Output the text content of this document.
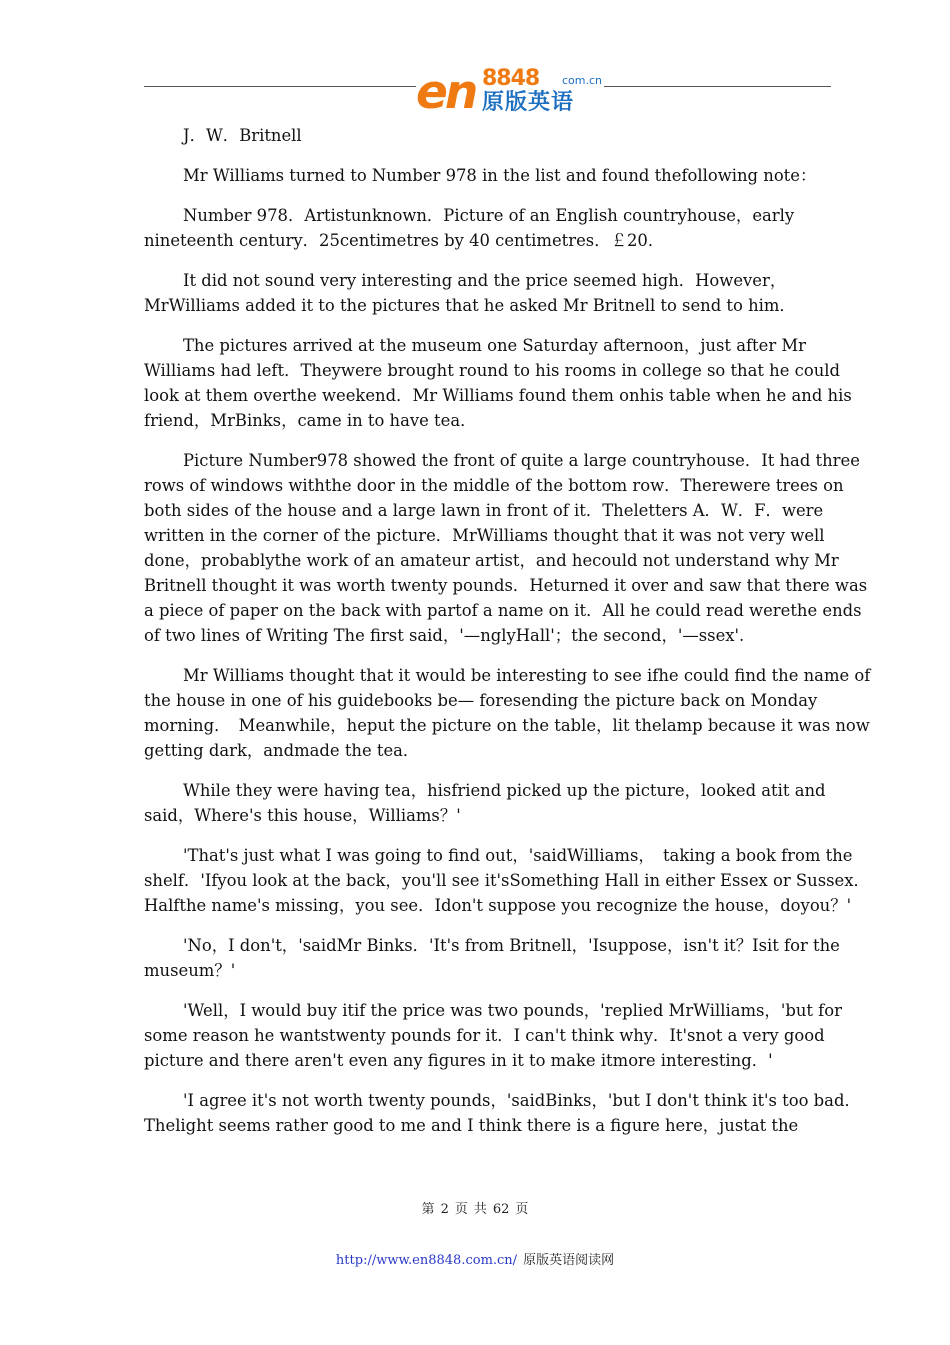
en 8848 com.cn
原版英语

J．W．Britnell

Mr Williams turned to Number 978 in the list and found thefollowing note：

Number 978．Artistunknown．Picture of an English countryhouse，early nineteenth century．25centimetres by 40 centimetres．￡20．

It did not sound very interesting and the price seemed high．However，MrWilliams added it to the pictures that he asked Mr Britnell to send to him．

The pictures arrived at the museum one Saturday afternoon，just after Mr Williams had left．Theywere brought round to his rooms in college so that he could look at them overthe weekend．Mr Williams found them onhis table when he and his friend，MrBinks，came in to have tea．

Picture Number978 showed the front of quite a large countryhouse．It had three rows of windows withthe door in the middle of the bottom row．Therewere trees on both sides of the house and a large lawn in front of it．Theletters A．W．F．were written in the corner of the picture．MrWilliams thought that it was not very well done，probablythe work of an amateur artist，and hecould not understand why Mr Britnell thought it was worth twenty pounds．Heturned it over and saw that there was a piece of paper on the back with partof a name on it．All he could read werethe ends of two lines of Writing The first said，'—nglyHall'；the second，'—ssex'.

Mr Williams thought that it would be interesting to see ifhe could find the name of the house in one of his guidebooks be— foresending the picture back on Monday morning．　Meanwhile，heput the picture on the table，lit thelamp because it was now getting dark，andmade the tea．

While they were having tea，hisfriend picked up the picture，looked atit and said，Where's this house，Williams？'

'That's just what I was going to find out，'saidWilliams，　taking a book from the shelf．'Ifyou look at the back，you'll see it'sSomething Hall in either Essex or Sussex．Halfthe name's missing，you see．Idon't suppose you recognize the house，doyou？'

'No，I don't，'saidMr Binks．'It's from Britnell，'Isuppose，isn't it？Isit for the museum？'

'Well，I would buy itif the price was two pounds，'replied MrWilliams，'but for some reason he wantstwenty pounds for it．I can't think why．It'snot a very good picture and there aren't even any figures in it to make itmore interesting．'

'I agree it's not worth twenty pounds，'saidBinks，'but I don't think it's too bad．Thelight seems rather good to me and I think there is a figure here，justat the

第 2 页 共 62 页
http://www.en8848.com.cn/ 原版英语阅读网
